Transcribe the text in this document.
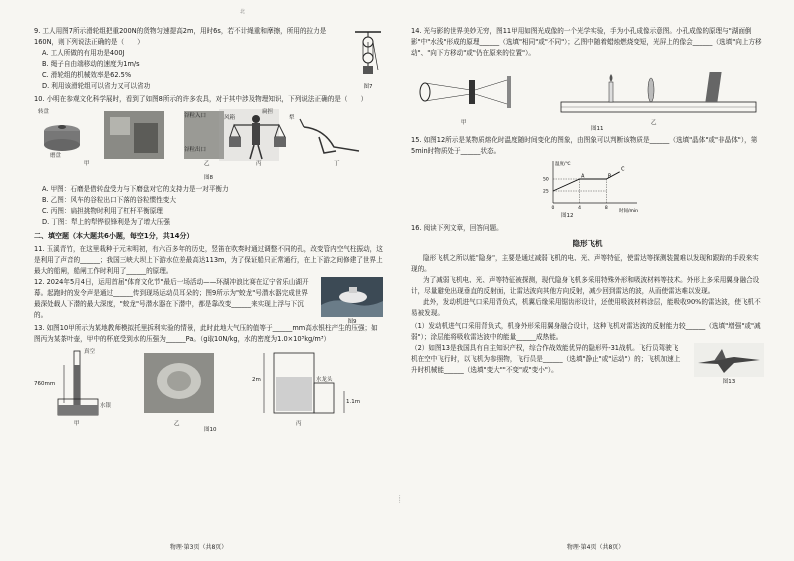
北

9. 工人用图7所示滑轮组把重200N的货物匀速提高2m，用时6s，若不计绳重和摩擦，所用的拉力是160N，则下列说法正确的是（　　）

A. 工人所做的有用功是400J
B. 绳子自由端移动的速度为1m/s
C. 滑轮组的机械效率是62.5%
D. 利用该滑轮组可以省力又可以省功	图7

10. 小明在参观文化科学展时，看到了如图8所示的许多农具，对于其中涉及物理知识，下列说法正确的是（　　）

转盘
磨盘
甲
谷粒出口
乙
风箱
丙
犁
丁
扁担
谷粒入口
图8
A. 甲图：石磨是借转盘受力与下磨盘对它的支持力是一对平衡力
B. 乙图：风车的谷粒出口下落的谷粒惯性变大
C. 丙图：扁担挑物时利用了杠杆平衡原理
D. 丁图：犁上的犁铧很锋利是为了增大压强
二、填空题（本大题共6小题，每空1分，共14分）
11. 玉溪青竹，在这里栽种于元末明初，有六百多年的历史，竖笛在吹奏时通过调整不同的孔，改变管内空气柱振动，这是利用了声音的______；我国三峡大坝上下游水位差最高达113m，为了保证船只正常通行，在上下游之间修建了世界上最大的船闸，船闸工作时利用了______的原理。

12. 2024年5月4日，运用首届"体育文化节"最后一场活动——环湖冲浪比赛在辽宁省乐山湖开幕。起跑时的发令声是通过______传到现场运动员耳朵的；图9所示为"蛟龙"号潜水器完成世界最深处载人下潜的最大深度，"蛟龙"号潜水器在下潜中，都是靠改变______来实现上浮与下沉的。

图9
13. 如图10甲所示为某地教师模拟托里拆利实验的情景，此时此地大气压的值等于______mm高水银柱产生的压强；如图丙为某茶叶壶，甲中的杯底受到水的压强为______Pa。（g取10N/kg，水的密度为1.0×10³kg/m³）
真空
760mm
水银
甲	乙
2m	水龙头
1.1m
丙
图10
物理·第3页（共8页）
·····
14. 光与影的世界美妙无穷，图11甲用如图光成像的一个光学实验，手为小孔成像示意图。小孔成像的原理与"湖面倒影"中"水浅"形成的原理______（选填"相同"或"不同"）；乙图中随着蜡烛燃烧变短，光屏上的像会______（选填"向上方移动"、"向下方移动"或"仍在原来的位置"）。
甲	乙
图11
15. 如图12所示是某物质熔化时温度随时间变化的图象，由图象可以判断该物质是______（选填"晶体"或"非晶体"），第5min时物质处于______状态。
温度/℃
时间/min
25
50
0	4	8
A	B
C
图12
16. 阅读下列文章，回答问题。
隐形飞机
隐形飞机之所以能"隐身"，主要是通过减弱飞机的电、光、声等特征，使雷达等探测装置难以发现和跟踪的手段来实现的。
为了减弱飞机电、光、声等特征被探测，现代隐身飞机多采用特殊外形和吸波材料等技术。外形上多采用翼身融合设计，尽量避免出现垂直的反射面，让雷达波向其他方向反射，减少回到雷达的波，从而使雷达难以发现。
此外，发动机进气口采用背负式，机翼后缘采用锯齿形设计，还使用吸波材料涂层，能吸收90%的雷达波，使飞机不易被发现。
（1）发动机进气口采用背负式，机身外形采用翼身融合设计，这种飞机对雷达波的反射能力较______（选填"增强"或"减弱"）；涂层能将吸收雷达波中的能量______成热能。
（2）如图13是我国具有自主知识产权，综合作战效能优异的隐形歼-31战机。飞行员驾驶飞机在空中飞行时，以飞机为参照物，飞行员是______（选填"静止"或"运动"）的；飞机加速上升时机械能______（选填"变大""不变"或"变小"）。
图13
物理·第4页（共8页）
